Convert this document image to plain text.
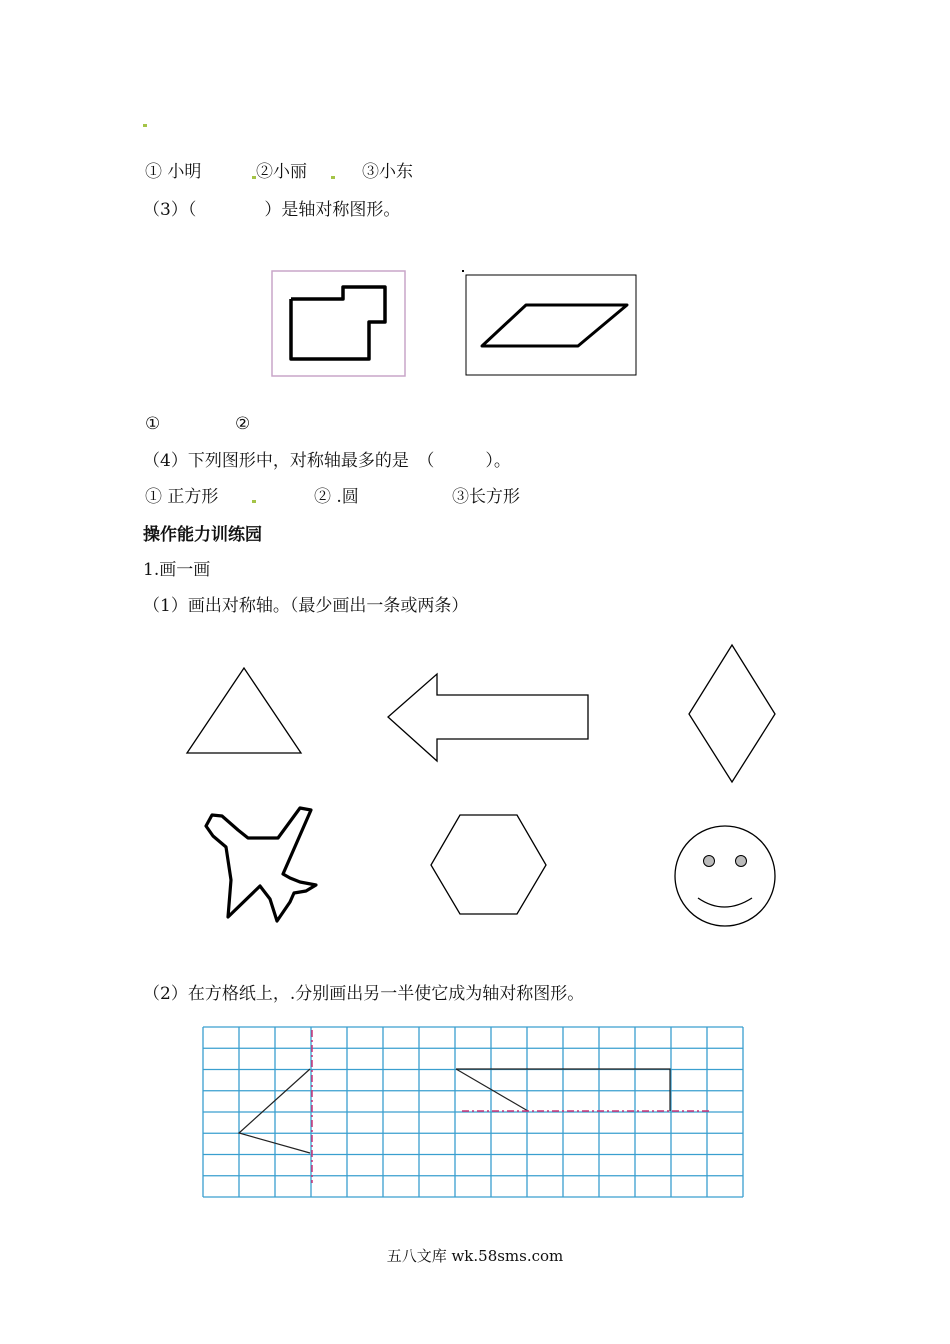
① 小明	②小丽	③小东
（3）（　　　　）是轴对称图形。
①	②
（4）下列图形中，对称轴最多的是　（　　　）。
① 正方形	② .圆	③长方形
操作能力训练园
1.画一画
（1）画出对称轴。（最少画出一条或两条）
（2）在方格纸上，.分别画出另一半使它成为轴对称图形。
五八文库 wk.58sms.com
